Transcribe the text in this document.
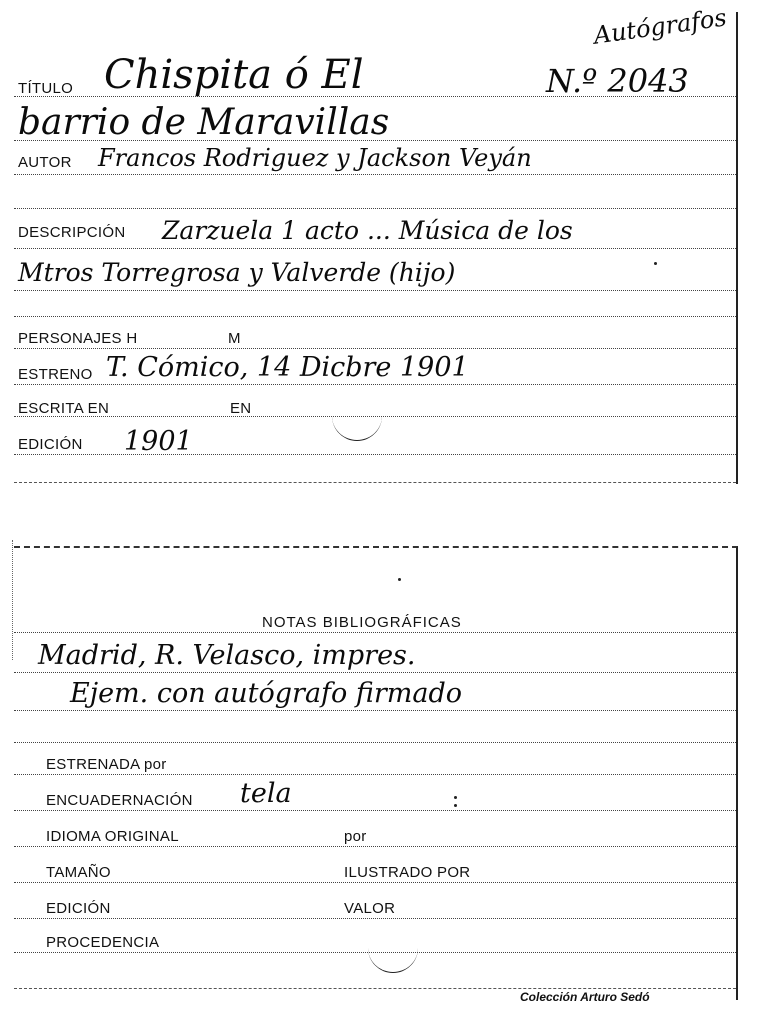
Autógrafos
N.º 2043
TÍTULO Chispita ó El
barrio de Maravillas
AUTOR Francos Rodriguez y Jackson Veyán
DESCRIPCIÓN Zarzuela 1 acto ... Música de los
Mtros Torregrosa y Valverde (hijo)
PERSONAJES H	M
ESTRENO T. Cómico, 14 Dicbre 1901
ESCRITA EN	EN
EDICIÓN 1901
NOTAS BIBLIOGRÁFICAS
Madrid, R. Velasco, impres.
Ejem. con autógrafo firmado
ESTRENADA por
ENCUADERNACIÓN tela
IDIOMA ORIGINAL	por
TAMAÑO	ILUSTRADO POR
EDICIÓN	VALOR
PROCEDENCIA
Colección Arturo Sedó
